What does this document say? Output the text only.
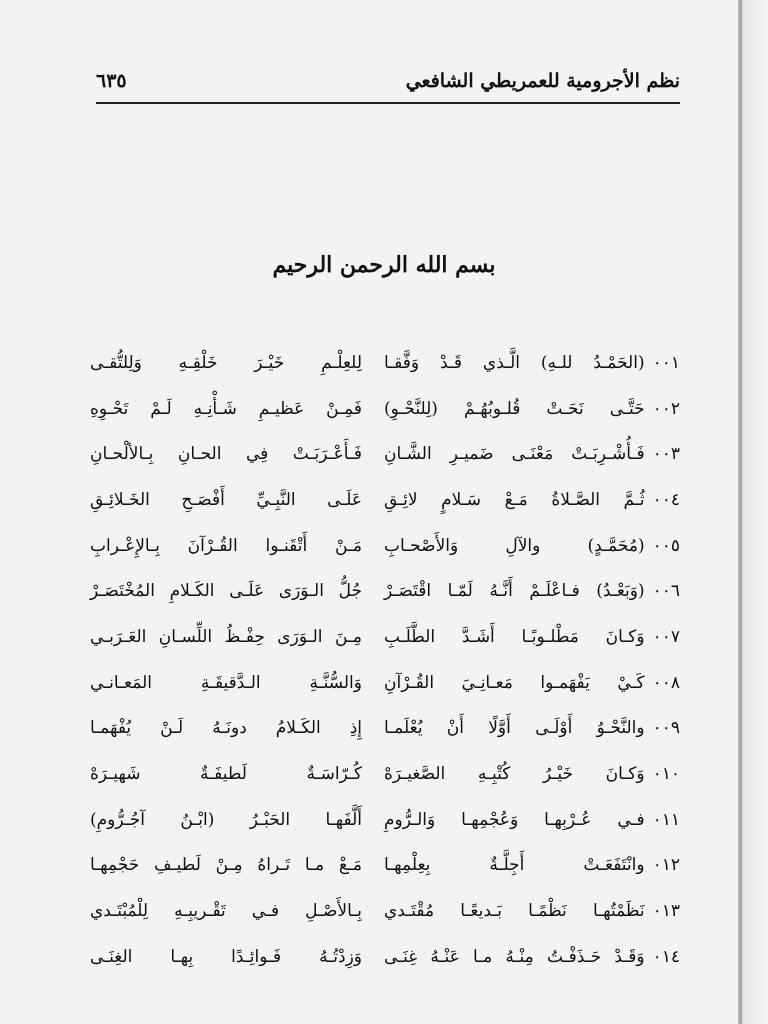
نظم الأجرومية للعمريطي الشافعي
٦٣٥
بسم الله الرحمن الرحيم
٠٠١(الحَمْـدُ للـهِ) الَّـذي قَـدْ وَفَّقـا
لِلعِلْـمِ خَيْـرَ خَلْقِـهِ وَلِلتُّقـى
٠٠٢حَتَّـى نَحَـتْ قُلـوبُهُـمْ (لِلنَّحْـوِ)
فَمِـنْ عَظيـمِ شَـأْنِـهِ لَـمْ تَحْـوِهِ
٠٠٣فَـأُشْـرِبَـتْ مَعْنَـى ضَميـرِ الشَّـانِ
فَـأَعْـرَبَـتْ فِي الحـانِ بِـالألْحـانِ
٠٠٤ثُـمَّ الصَّـلاةُ مَـعْ سَـلامٍ لائِـقِ
عَلَـى النَّبِـيِّ أَفْصَـحِ الخَـلائِـقِ
٠٠٥(مُحَمَّـدٍ) والآلِ وَالأَصْحـابِ
مَـنْ أَتْقَنـوا القُـرْآنَ بِـالإِعْـرابِ
٠٠٦(وَبَعْـدُ) فـاعْلَـمْ أَنَّـهُ لَمّـا اقْتَصَـرْ
جُلُّ الـوَرَى عَلَـى الكَـلامِ المُخْتَصَـرْ
٠٠٧وَكـانَ مَطْلـوبًـا أَشَـدَّ الطَّلَـبِ
مِـنَ الـوَرَى حِفْـظُ اللِّسـانِ العَـرَبـي
٠٠٨كَـيْ يَفْهَمـوا مَعـانِـيَ القُـرْآنِ
وَالسُّنَّـةِ الـدَّقيقَـةِ المَعـانـي
٠٠٩والنَّحْـوُ أَوْلَـى أَوَّلًا أَنْ يُعْلَمـا
إِذِ الكَـلامُ دونَـهُ لَـنْ يُفْهَمـا
٠١٠وَكـانَ خَيْـرُ كُتْبِـهِ الصَّغيـرَهْ
كُـرّاسَـةٌ لَطيفَـةٌ شَهيـرَهْ
٠١١فـي عُـرْبِهـا وَعُجْمِهـا وَالـرُّومِ
أَلَّفَهـا الحَبْـرُ (ابْـنُ آجُـرُّومِ)
٠١٢وانْتَفَعَـتْ أَجِلَّـةٌ بِعِلْمِهـا
مَـعْ مـا تَـراهُ مِـنْ لَطيـفِ حَجْمِهـا
٠١٣نَظَمْتُهـا نَظْمًـا بَـديعًـا مُقْتَـدي
بِـالأَصْـلِ فـي تَقْـريبِـهِ لِلْمُبْتَـدي
٠١٤وَقَـدْ حَـذَفْـتُ مِنْـهُ مـا عَنْـهُ غِنَـى
وَزِدْتُـهُ فَـوائِـدًا بِهـا الغِنَـى
